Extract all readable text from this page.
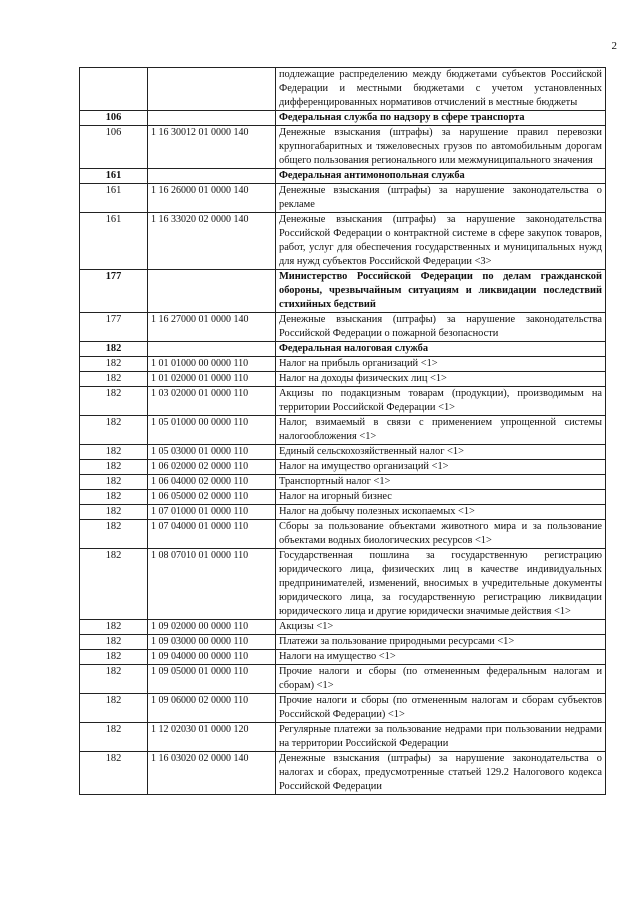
2
		подлежащие распределению между бюджетами субъектов Российской Федерации и местными бюджетами с учетом установленных дифференцированных нормативов отчислений в местные бюджеты
106		Федеральная служба по надзору в сфере транспорта
106	1 16 30012 01 0000 140	Денежные взыскания (штрафы) за нарушение правил перевозки крупногабаритных и тяжеловесных грузов по автомобильным дорогам общего пользования регионального или межмуниципального значения
161		Федеральная антимонопольная служба
161	1 16 26000 01 0000 140	Денежные взыскания (штрафы) за нарушение законодательства о рекламе
161	1 16 33020 02 0000 140	Денежные взыскания (штрафы) за нарушение законодательства Российской Федерации о контрактной системе в сфере закупок товаров, работ, услуг для обеспечения государственных и муниципальных нужд для нужд субъектов Российской Федерации <3>
177		Министерство Российской Федерации по делам гражданской обороны, чрезвычайным ситуациям и ликвидации последствий стихийных бедствий
177	1 16 27000 01 0000 140	Денежные взыскания (штрафы) за нарушение законодательства Российской Федерации о пожарной безопасности
182		Федеральная налоговая служба
182	1 01 01000 00 0000 110	Налог на прибыль организаций <1>
182	1 01 02000 01 0000 110	Налог на доходы физических лиц <1>
182	1 03 02000 01 0000 110	Акцизы по подакцизным товарам (продукции), производимым на территории Российской Федерации <1>
182	1 05 01000 00 0000 110	Налог, взимаемый в связи с применением упрощенной системы налогообложения <1>
182	1 05 03000 01 0000 110	Единый сельскохозяйственный налог <1>
182	1 06 02000 02 0000 110	Налог на имущество организаций <1>
182	1 06 04000 02 0000 110	Транспортный налог <1>
182	1 06 05000 02 0000 110	Налог на игорный бизнес
182	1 07 01000 01 0000 110	Налог на добычу полезных ископаемых <1>
182	1 07 04000 01 0000 110	Сборы за пользование объектами животного мира и за пользование объектами водных биологических ресурсов <1>
182	1 08 07010 01 0000 110	Государственная пошлина за государственную регистрацию юридического лица, физических лиц в качестве индивидуальных предпринимателей, изменений, вносимых в учредительные документы юридического лица, за государственную регистрацию ликвидации юридического лица и другие юридически значимые действия <1>
182	1 09 02000 00 0000 110	Акцизы <1>
182	1 09 03000 00 0000 110	Платежи за пользование природными ресурсами <1>
182	1 09 04000 00 0000 110	Налоги на имущество <1>
182	1 09 05000 01 0000 110	Прочие налоги и сборы (по отмененным федеральным налогам и сборам) <1>
182	1 09 06000 02 0000 110	Прочие налоги и сборы (по отмененным налогам и сборам субъектов Российской Федерации) <1>
182	1 12 02030 01 0000 120	Регулярные платежи за пользование недрами при пользовании недрами на территории Российской Федерации
182	1 16 03020 02 0000 140	Денежные взыскания (штрафы) за нарушение законодательства о налогах и сборах, предусмотренные статьей 129.2 Налогового кодекса Российской Федерации
